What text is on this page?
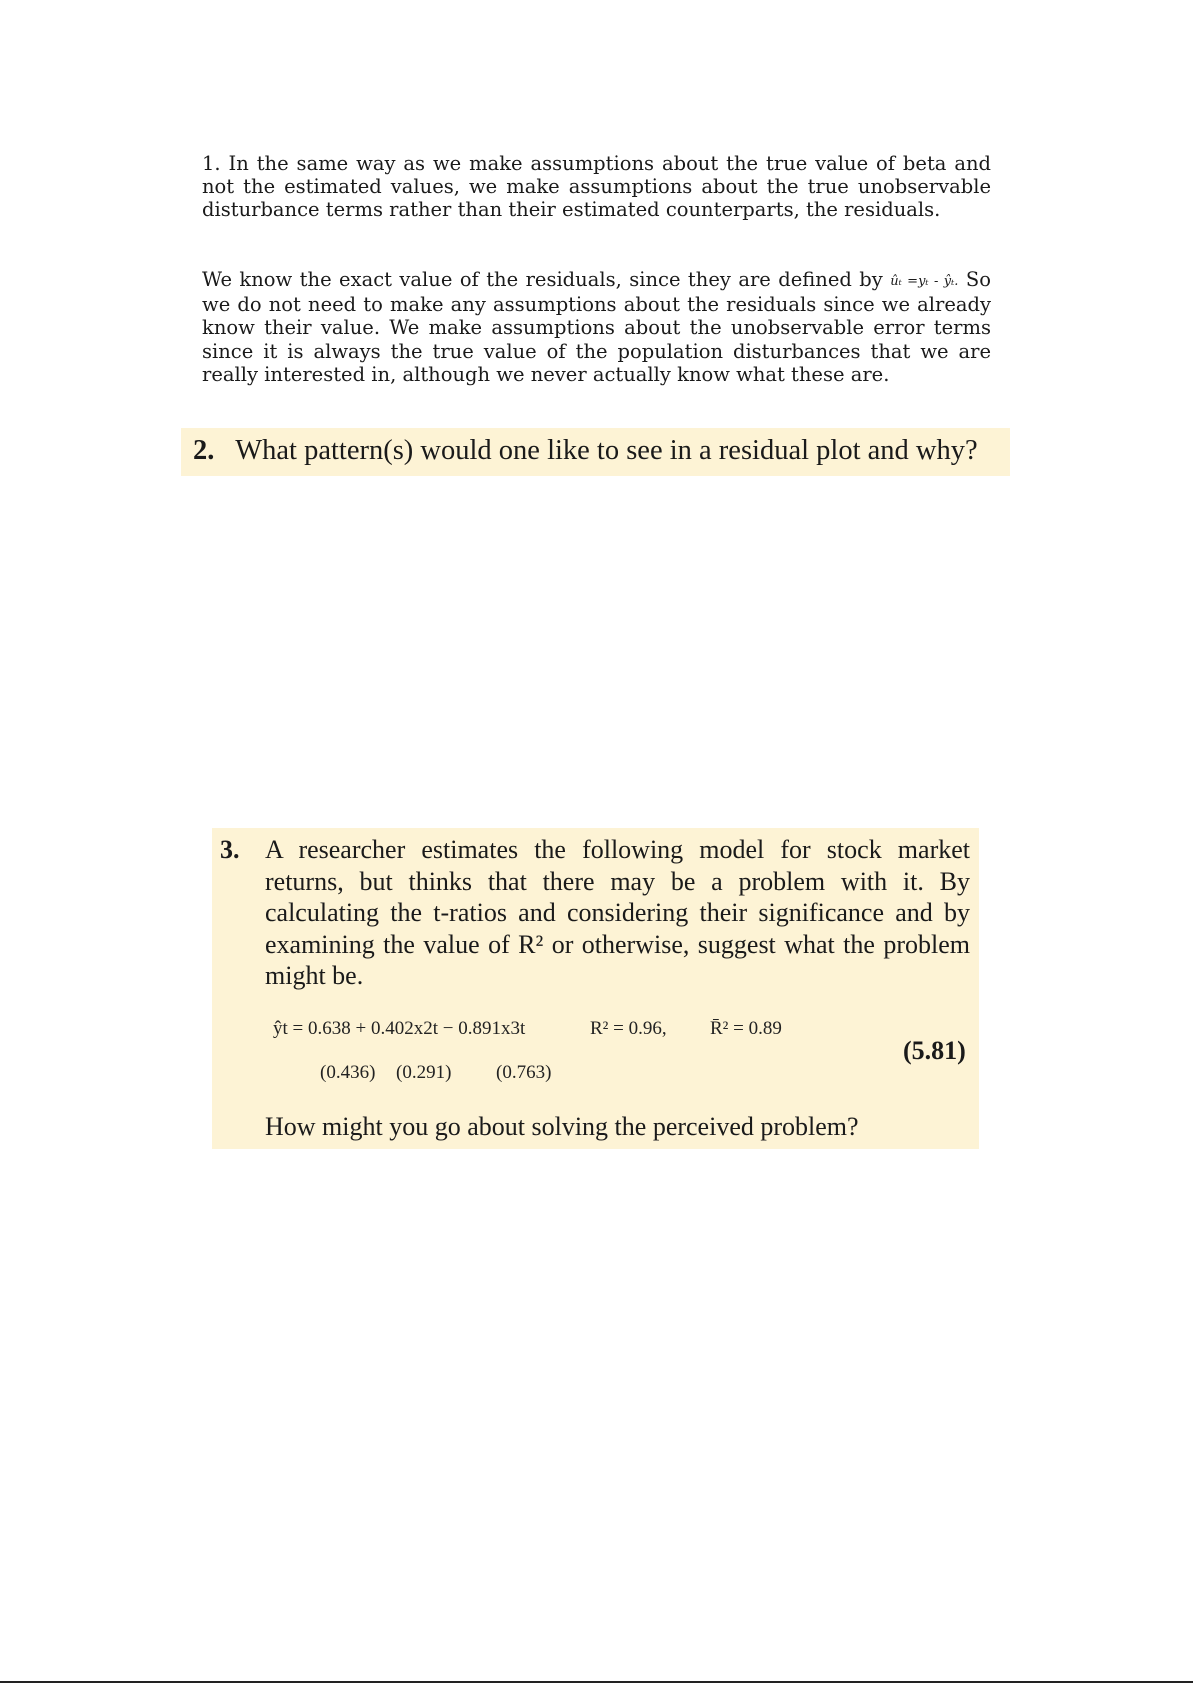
1. In the same way as we make assumptions about the true value of beta and not the estimated values, we make assumptions about the true unobservable disturbance terms rather than their estimated counterparts, the residuals.

We know the exact value of the residuals, since they are defined by ûₜ =yₜ - ŷₜ. So we do not need to make any assumptions about the residuals since we already know their value. We make assumptions about the unobservable error terms since it is always the true value of the population disturbances that we are really interested in, although we never actually know what these are.

2. What pattern(s) would one like to see in a residual plot and why?

3. A researcher estimates the following model for stock market
returns, but thinks that there may be a problem with it. By
calculating the t-ratios and considering their significance and by
examining the value of R² or otherwise, suggest what the problem
might be.
ŷt = 0.638 + 0.402x2t − 0.891x3t	R² = 0.96, R̄² = 0.89
(0.436) (0.291) (0.763)
(5.81)
How might you go about solving the perceived problem?
